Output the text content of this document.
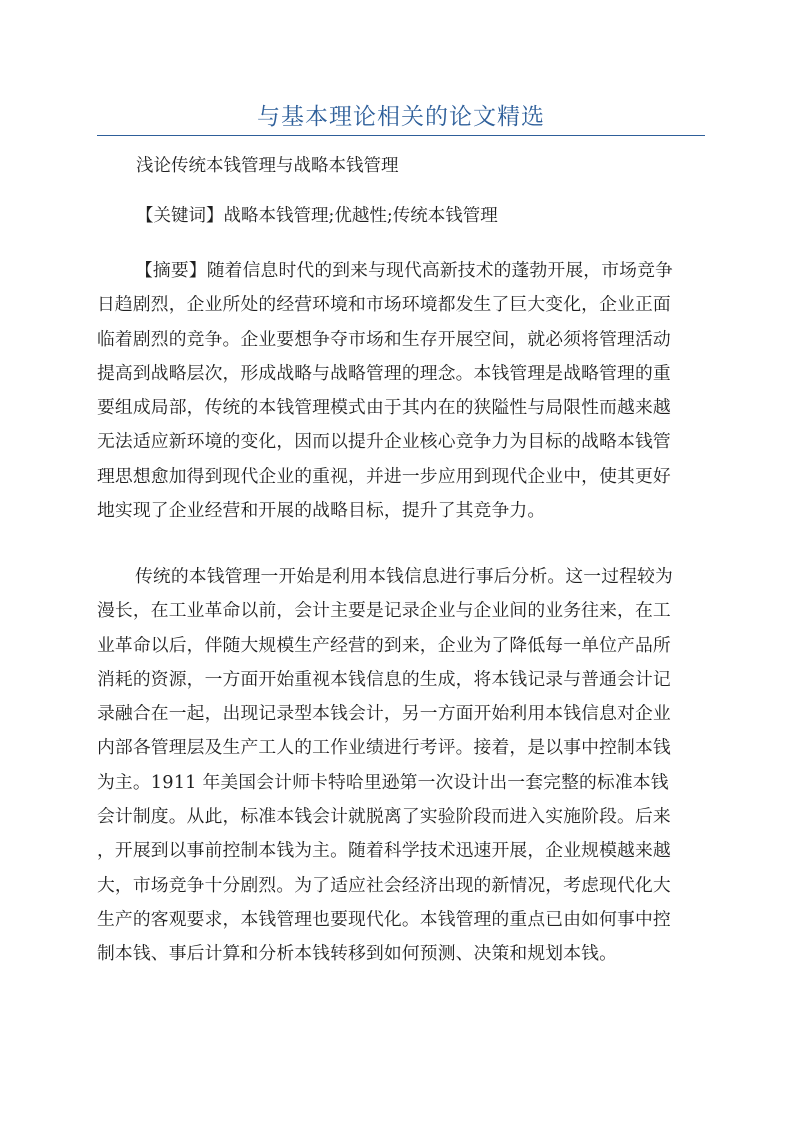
与基本理论相关的论文精选
浅论传统本钱管理与战略本钱管理
【关键词】战略本钱管理;优越性;传统本钱管理
【摘要】随着信息时代的到来与现代高新技术的蓬勃开展，市场竞争
日趋剧烈，企业所处的经营环境和市场环境都发生了巨大变化，企业正面
临着剧烈的竞争。企业要想争夺市场和生存开展空间，就必须将管理活动
提高到战略层次，形成战略与战略管理的理念。本钱管理是战略管理的重
要组成局部，传统的本钱管理模式由于其内在的狭隘性与局限性而越来越
无法适应新环境的变化，因而以提升企业核心竞争力为目标的战略本钱管
理思想愈加得到现代企业的重视，并进一步应用到现代企业中，使其更好
地实现了企业经营和开展的战略目标，提升了其竞争力。
传统的本钱管理一开始是利用本钱信息进行事后分析。这一过程较为
漫长，在工业革命以前，会计主要是记录企业与企业间的业务往来，在工
业革命以后，伴随大规模生产经营的到来，企业为了降低每一单位产品所
消耗的资源，一方面开始重视本钱信息的生成，将本钱记录与普通会计记
录融合在一起，出现记录型本钱会计，另一方面开始利用本钱信息对企业
内部各管理层及生产工人的工作业绩进行考评。接着，是以事中控制本钱
为主。1911 年美国会计师卡特哈里逊第一次设计出一套完整的标准本钱
会计制度。从此，标准本钱会计就脱离了实验阶段而进入实施阶段。后来
，开展到以事前控制本钱为主。随着科学技术迅速开展，企业规模越来越
大，市场竞争十分剧烈。为了适应社会经济出现的新情况，考虑现代化大
生产的客观要求，本钱管理也要现代化。本钱管理的重点已由如何事中控
制本钱、事后计算和分析本钱转移到如何预测、决策和规划本钱。
